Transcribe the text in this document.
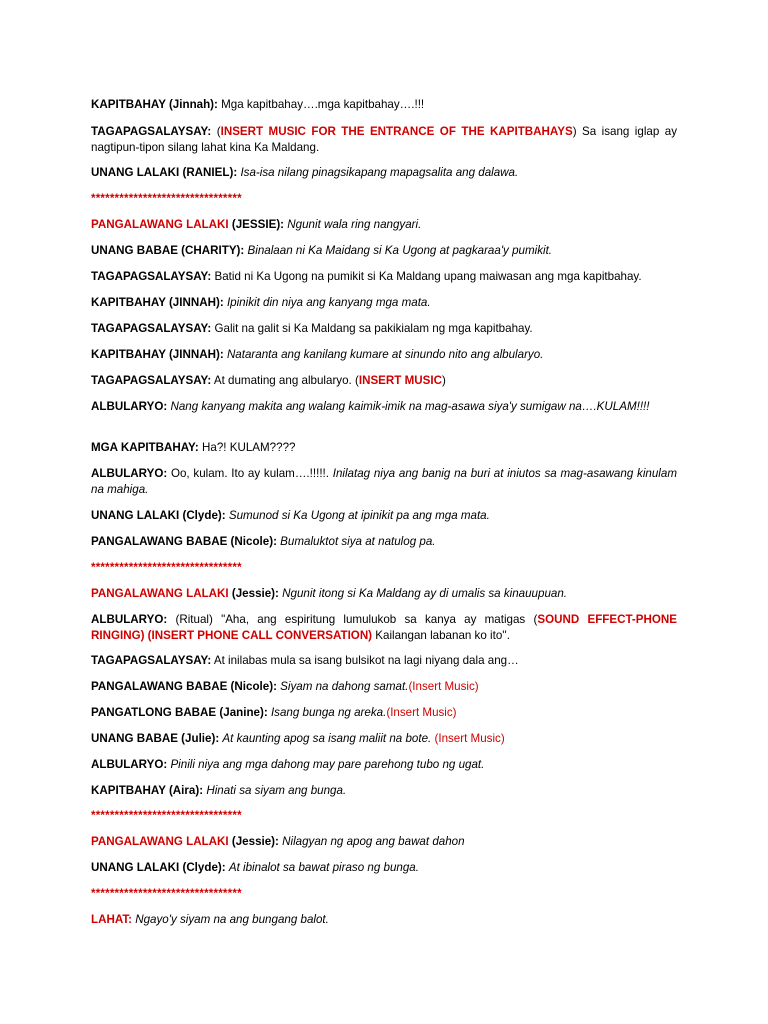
KAPITBAHAY (Jinnah): Mga kapitbahay….mga kapitbahay….!!!

TAGAPAGSALAYSAY: (INSERT MUSIC FOR THE ENTRANCE OF THE KAPITBAHAYS) Sa isang iglap ay nagtipun-tipon silang lahat kina Ka Maldang.

UNANG LALAKI (RANIEL): Isa-isa nilang pinagsikapang mapagsalita ang dalawa.

********************************

PANGALAWANG LALAKI (JESSIE): Ngunit wala ring nangyari.

UNANG BABAE (CHARITY): Binalaan ni Ka Maidang si Ka Ugong at pagkaraa'y pumikit.

TAGAPAGSALAYSAY: Batid ni Ka Ugong na pumikit si Ka Maldang upang maiwasan ang mga kapitbahay.

KAPITBAHAY (JINNAH): Ipinikit din niya ang kanyang mga mata.

TAGAPAGSALAYSAY: Galit na galit si Ka Maldang sa pakikialam ng mga kapitbahay.

KAPITBAHAY (JINNAH): Nataranta ang kanilang kumare at sinundo nito ang albularyo.

TAGAPAGSALAYSAY: At dumating ang albularyo. (INSERT MUSIC)

ALBULARYO: Nang kanyang makita ang walang kaimik-imik na mag-asawa siya'y sumigaw na….KULAM!!!!

MGA KAPITBAHAY: Ha?! KULAM????

ALBULARYO: Oo, kulam. Ito ay kulam….!!!!!. Inilatag niya ang banig na buri at iniutos sa mag-asawang kinulam na mahiga.

UNANG LALAKI (Clyde): Sumunod si Ka Ugong at ipinikit pa ang mga mata.

PANGALAWANG BABAE (Nicole): Bumaluktot siya at natulog pa.

********************************

PANGALAWANG LALAKI (Jessie): Ngunit itong si Ka Maldang ay di umalis sa kinauupuan.

ALBULARYO: (Ritual) "Aha, ang espiritung lumulukob sa kanya ay matigas (SOUND EFFECT-PHONE RINGING) (INSERT PHONE CALL CONVERSATION) Kailangan labanan ko ito''.

TAGAPAGSALAYSAY: At inilabas mula sa isang bulsikot na lagi niyang dala ang…

PANGALAWANG BABAE (Nicole): Siyam na dahong samat.(Insert Music)

PANGATLONG BABAE (Janine): Isang bunga ng areka.(Insert Music)

UNANG BABAE (Julie): At kaunting apog sa isang maliit na bote. (Insert Music)

ALBULARYO: Pinili niya ang mga dahong may pare parehong tubo ng ugat.

KAPITBAHAY (Aira): Hinati sa siyam ang bunga.

********************************

PANGALAWANG LALAKI (Jessie): Nilagyan ng apog ang bawat dahon

UNANG LALAKI (Clyde): At ibinalot sa bawat piraso ng bunga.

********************************

LAHAT: Ngayo'y siyam na ang bungang balot.
